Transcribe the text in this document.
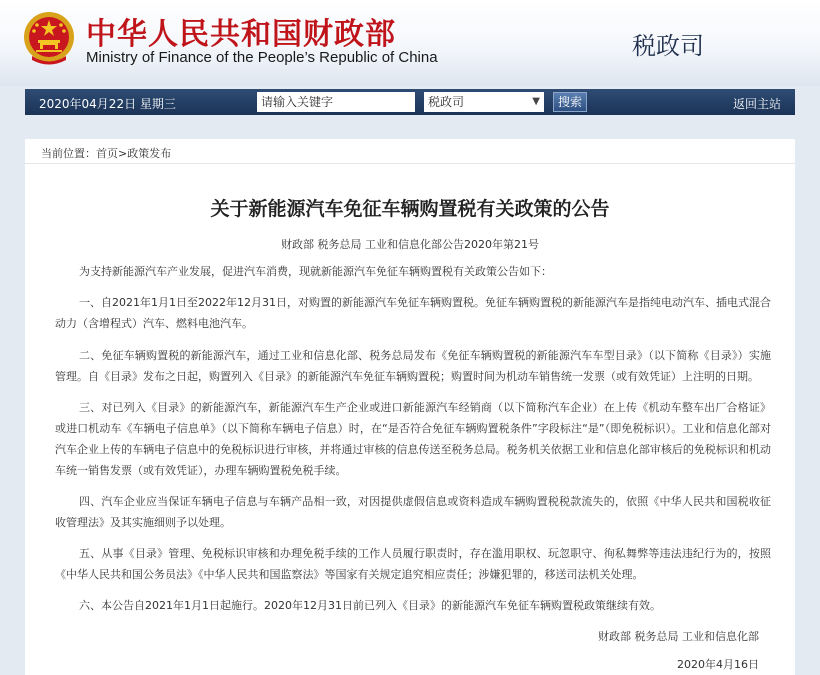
中华人民共和国财政部
Ministry of Finance of the People’s Republic of China	税政司
2020年04月22日 星期三	请输入关键字	税政司	▼	搜索	返回主站
当前位置：首页>政策发布
关于新能源汽车免征车辆购置税有关政策的公告
财政部 税务总局 工业和信息化部公告2020年第21号

为支持新能源汽车产业发展，促进汽车消费，现就新能源汽车免征车辆购置税有关政策公告如下：

一、自2021年1月1日至2022年12月31日，对购置的新能源汽车免征车辆购置税。免征车辆购置税的新能源汽车是指纯电动汽车、插电式混合动力（含增程式）汽车、燃料电池汽车。

二、免征车辆购置税的新能源汽车，通过工业和信息化部、税务总局发布《免征车辆购置税的新能源汽车车型目录》（以下简称《目录》）实施管理。自《目录》发布之日起，购置列入《目录》的新能源汽车免征车辆购置税；购置时间为机动车销售统一发票（或有效凭证）上注明的日期。

三、对已列入《目录》的新能源汽车，新能源汽车生产企业或进口新能源汽车经销商（以下简称汽车企业）在上传《机动车整车出厂合格证》或进口机动车《车辆电子信息单》（以下简称车辆电子信息）时，在“是否符合免征车辆购置税条件”字段标注“是”（即免税标识）。工业和信息化部对汽车企业上传的车辆电子信息中的免税标识进行审核，并将通过审核的信息传送至税务总局。税务机关依据工业和信息化部审核后的免税标识和机动车统一销售发票（或有效凭证），办理车辆购置税免税手续。

四、汽车企业应当保证车辆电子信息与车辆产品相一致，对因提供虚假信息或资料造成车辆购置税税款流失的，依照《中华人民共和国税收征收管理法》及其实施细则予以处理。

五、从事《目录》管理、免税标识审核和办理免税手续的工作人员履行职责时，存在滥用职权、玩忽职守、徇私舞弊等违法违纪行为的，按照《中华人民共和国公务员法》《中华人民共和国监察法》等国家有关规定追究相应责任；涉嫌犯罪的，移送司法机关处理。

六、本公告自2021年1月1日起施行。2020年12月31日前已列入《目录》的新能源汽车免征车辆购置税政策继续有效。

财政部 税务总局 工业和信息化部
2020年4月16日
